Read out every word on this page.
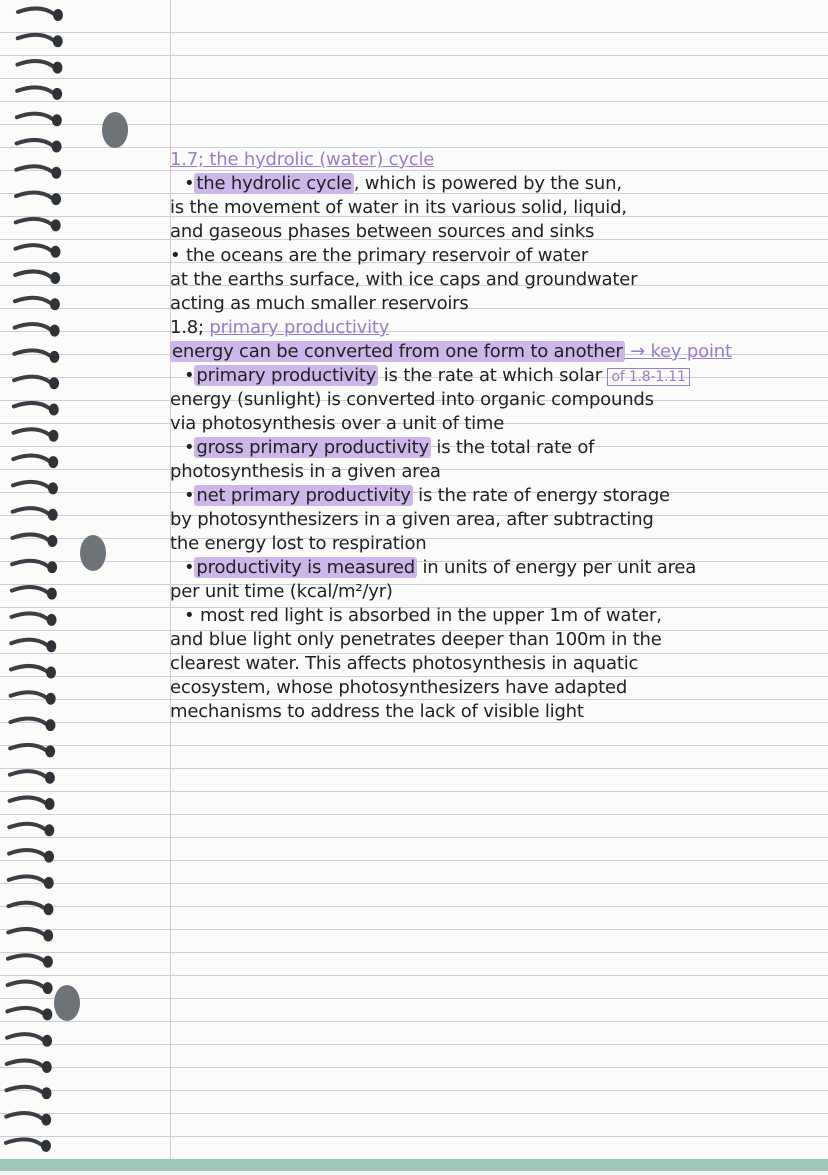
1.7; the hydrolic (water) cycle
• the hydrolic cycle , which is powered by the sun,
is the movement of water in its various solid, liquid,
and gaseous phases between sources and sinks
• the oceans are the primary reservoir of water
at the earths surface, with ice caps and groundwater
acting as much smaller reservoirs
1.8; primary productivity
energy can be converted from one form to another → key point
• primary productivity is the rate at which solar of 1.8-1.11
energy (sunlight) is converted into organic compounds
via photosynthesis over a unit of time
• gross primary productivity is the total rate of
photosynthesis in a given area
• net primary productivity is the rate of energy storage
by photosynthesizers in a given area, after subtracting
the energy lost to respiration
• productivity is measured in units of energy per unit area
per unit time (kcal/m²/yr)
• most red light is absorbed in the upper 1m of water,
and blue light only penetrates deeper than 100m in the
clearest water. This affects photosynthesis in aquatic
ecosystem, whose photosynthesizers have adapted
mechanisms to address the lack of visible light
